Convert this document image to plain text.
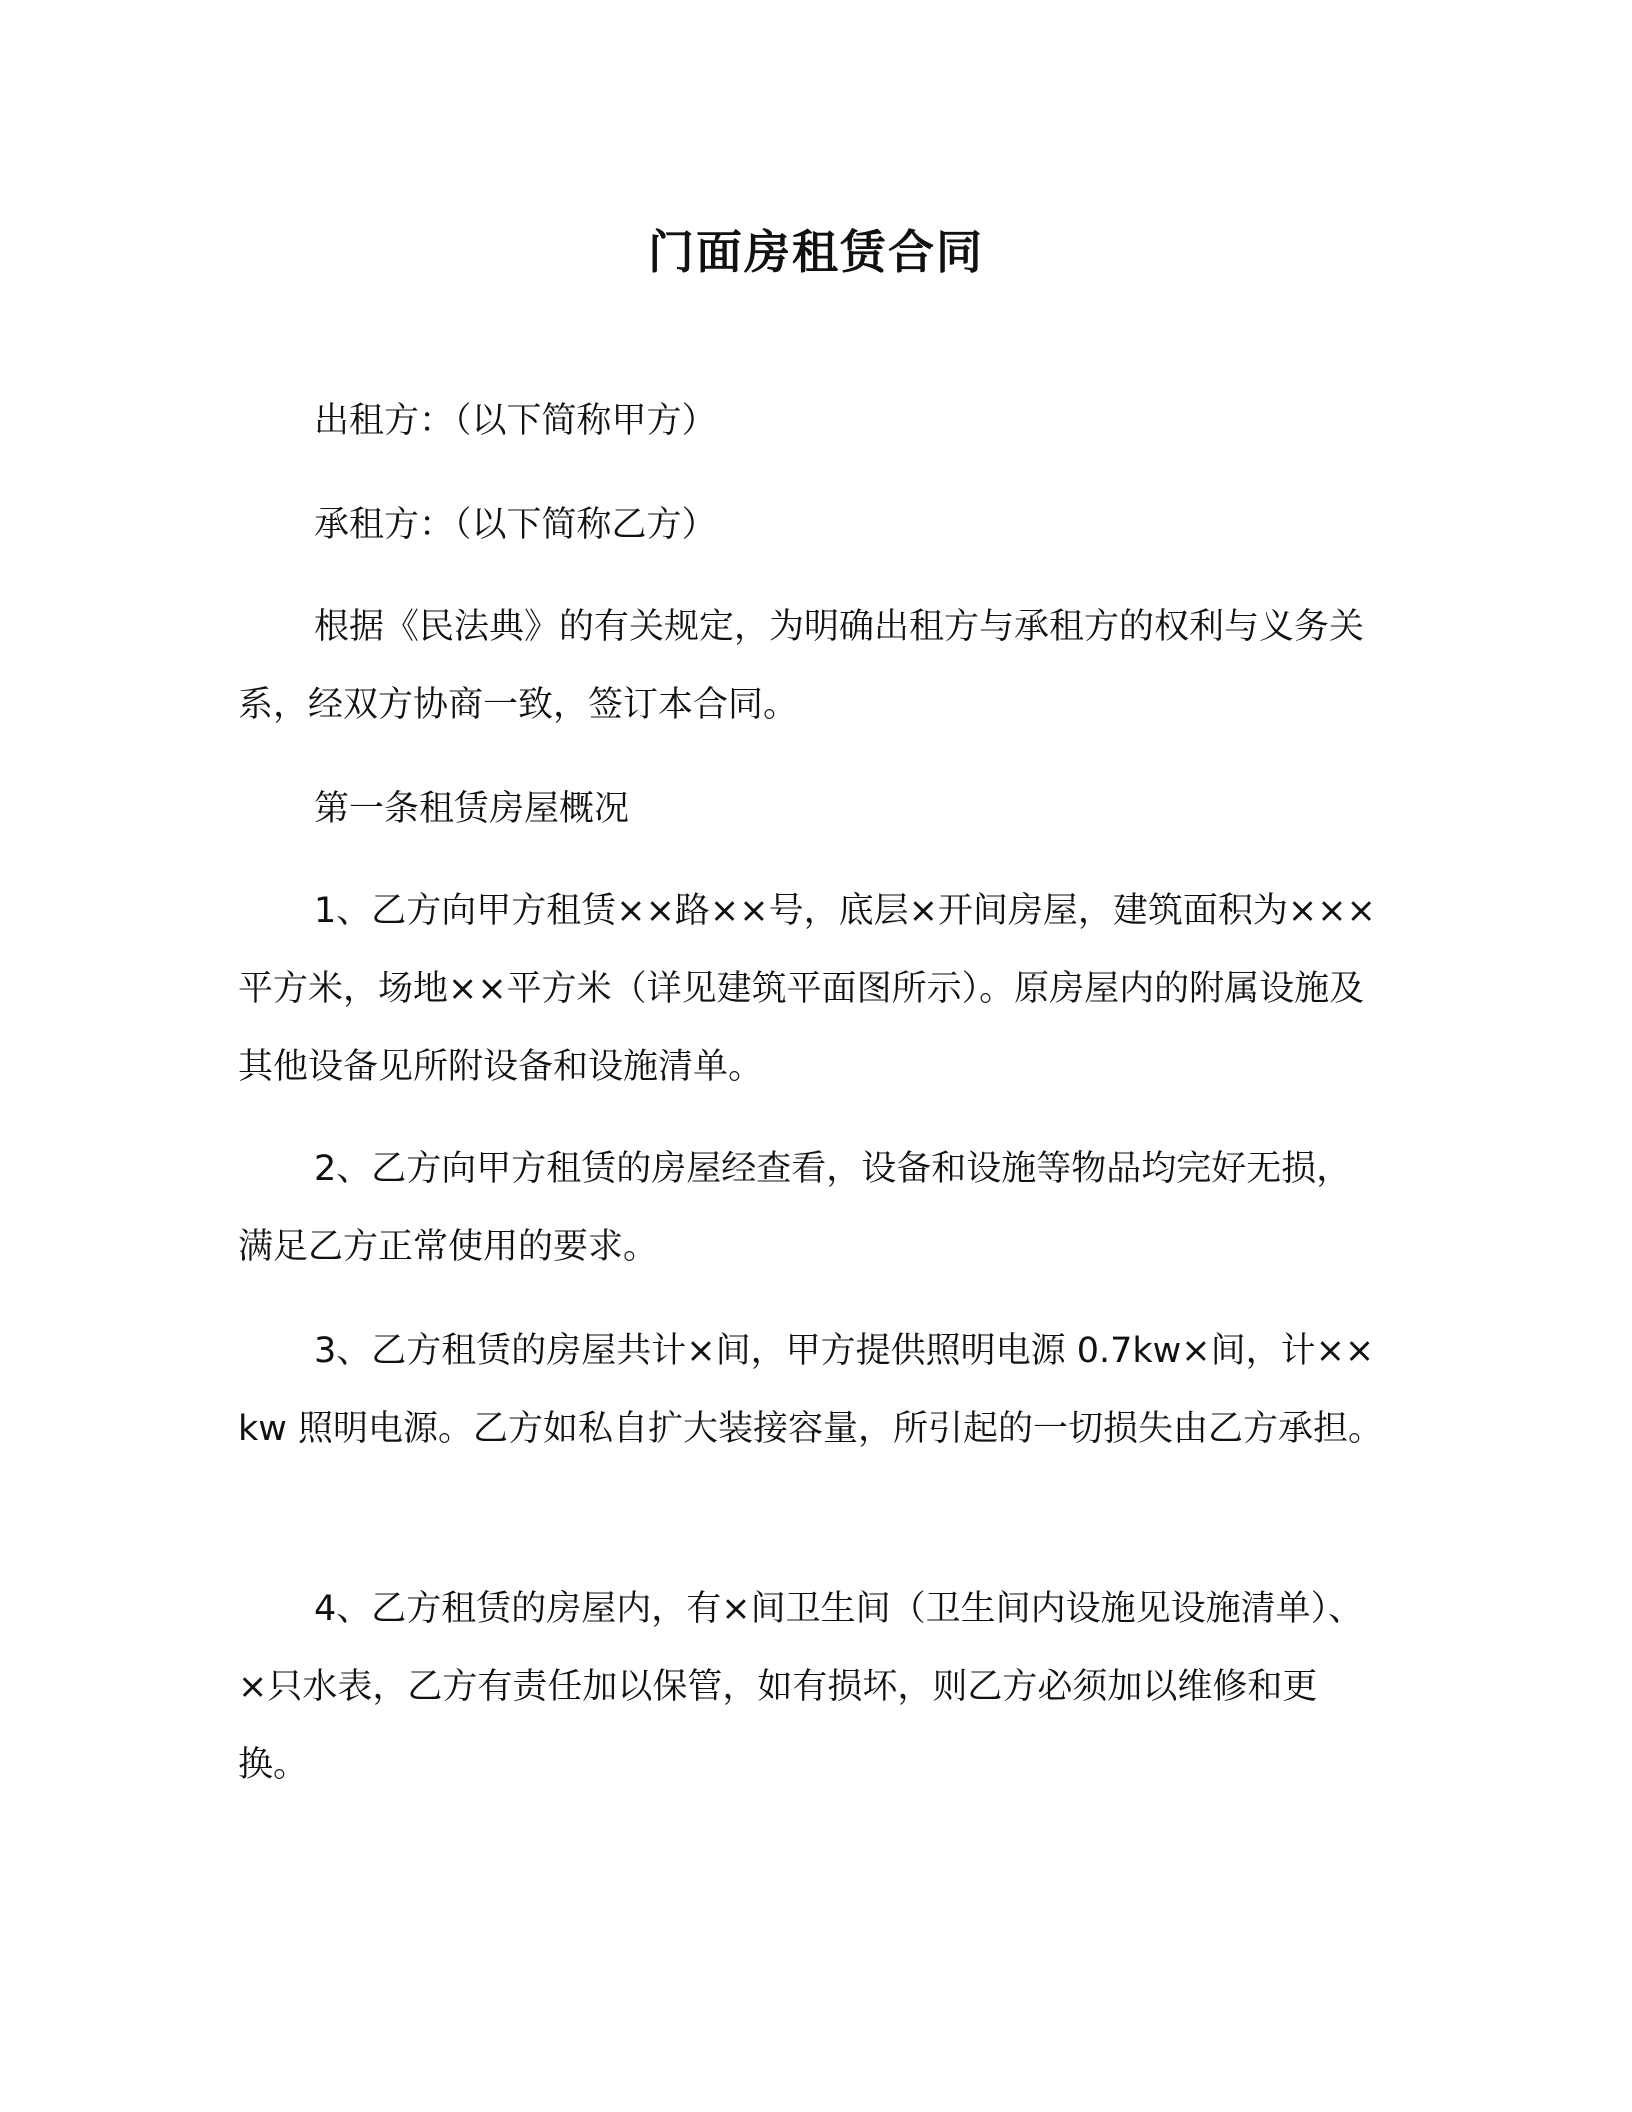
门面房租赁合同

出租方：（以下简称甲方）

承租方：（以下简称乙方）

根据《民法典》的有关规定，为明确出租方与承租方的权利与义务关系，经双方协商一致，签订本合同。

第一条租赁房屋概况

1、乙方向甲方租赁××路××号，底层×开间房屋，建筑面积为×××平方米，场地××平方米（详见建筑平面图所示）。原房屋内的附属设施及其他设备见所附设备和设施清单。

2、乙方向甲方租赁的房屋经查看，设备和设施等物品均完好无损，满足乙方正常使用的要求。

3、乙方租赁的房屋共计×间，甲方提供照明电源 0.7kw×间，计××kw 照明电源。乙方如私自扩大装接容量，所引起的一切损失由乙方承担。

4、乙方租赁的房屋内，有×间卫生间（卫生间内设施见设施清单）、×只水表，乙方有责任加以保管，如有损坏，则乙方必须加以维修和更换。
